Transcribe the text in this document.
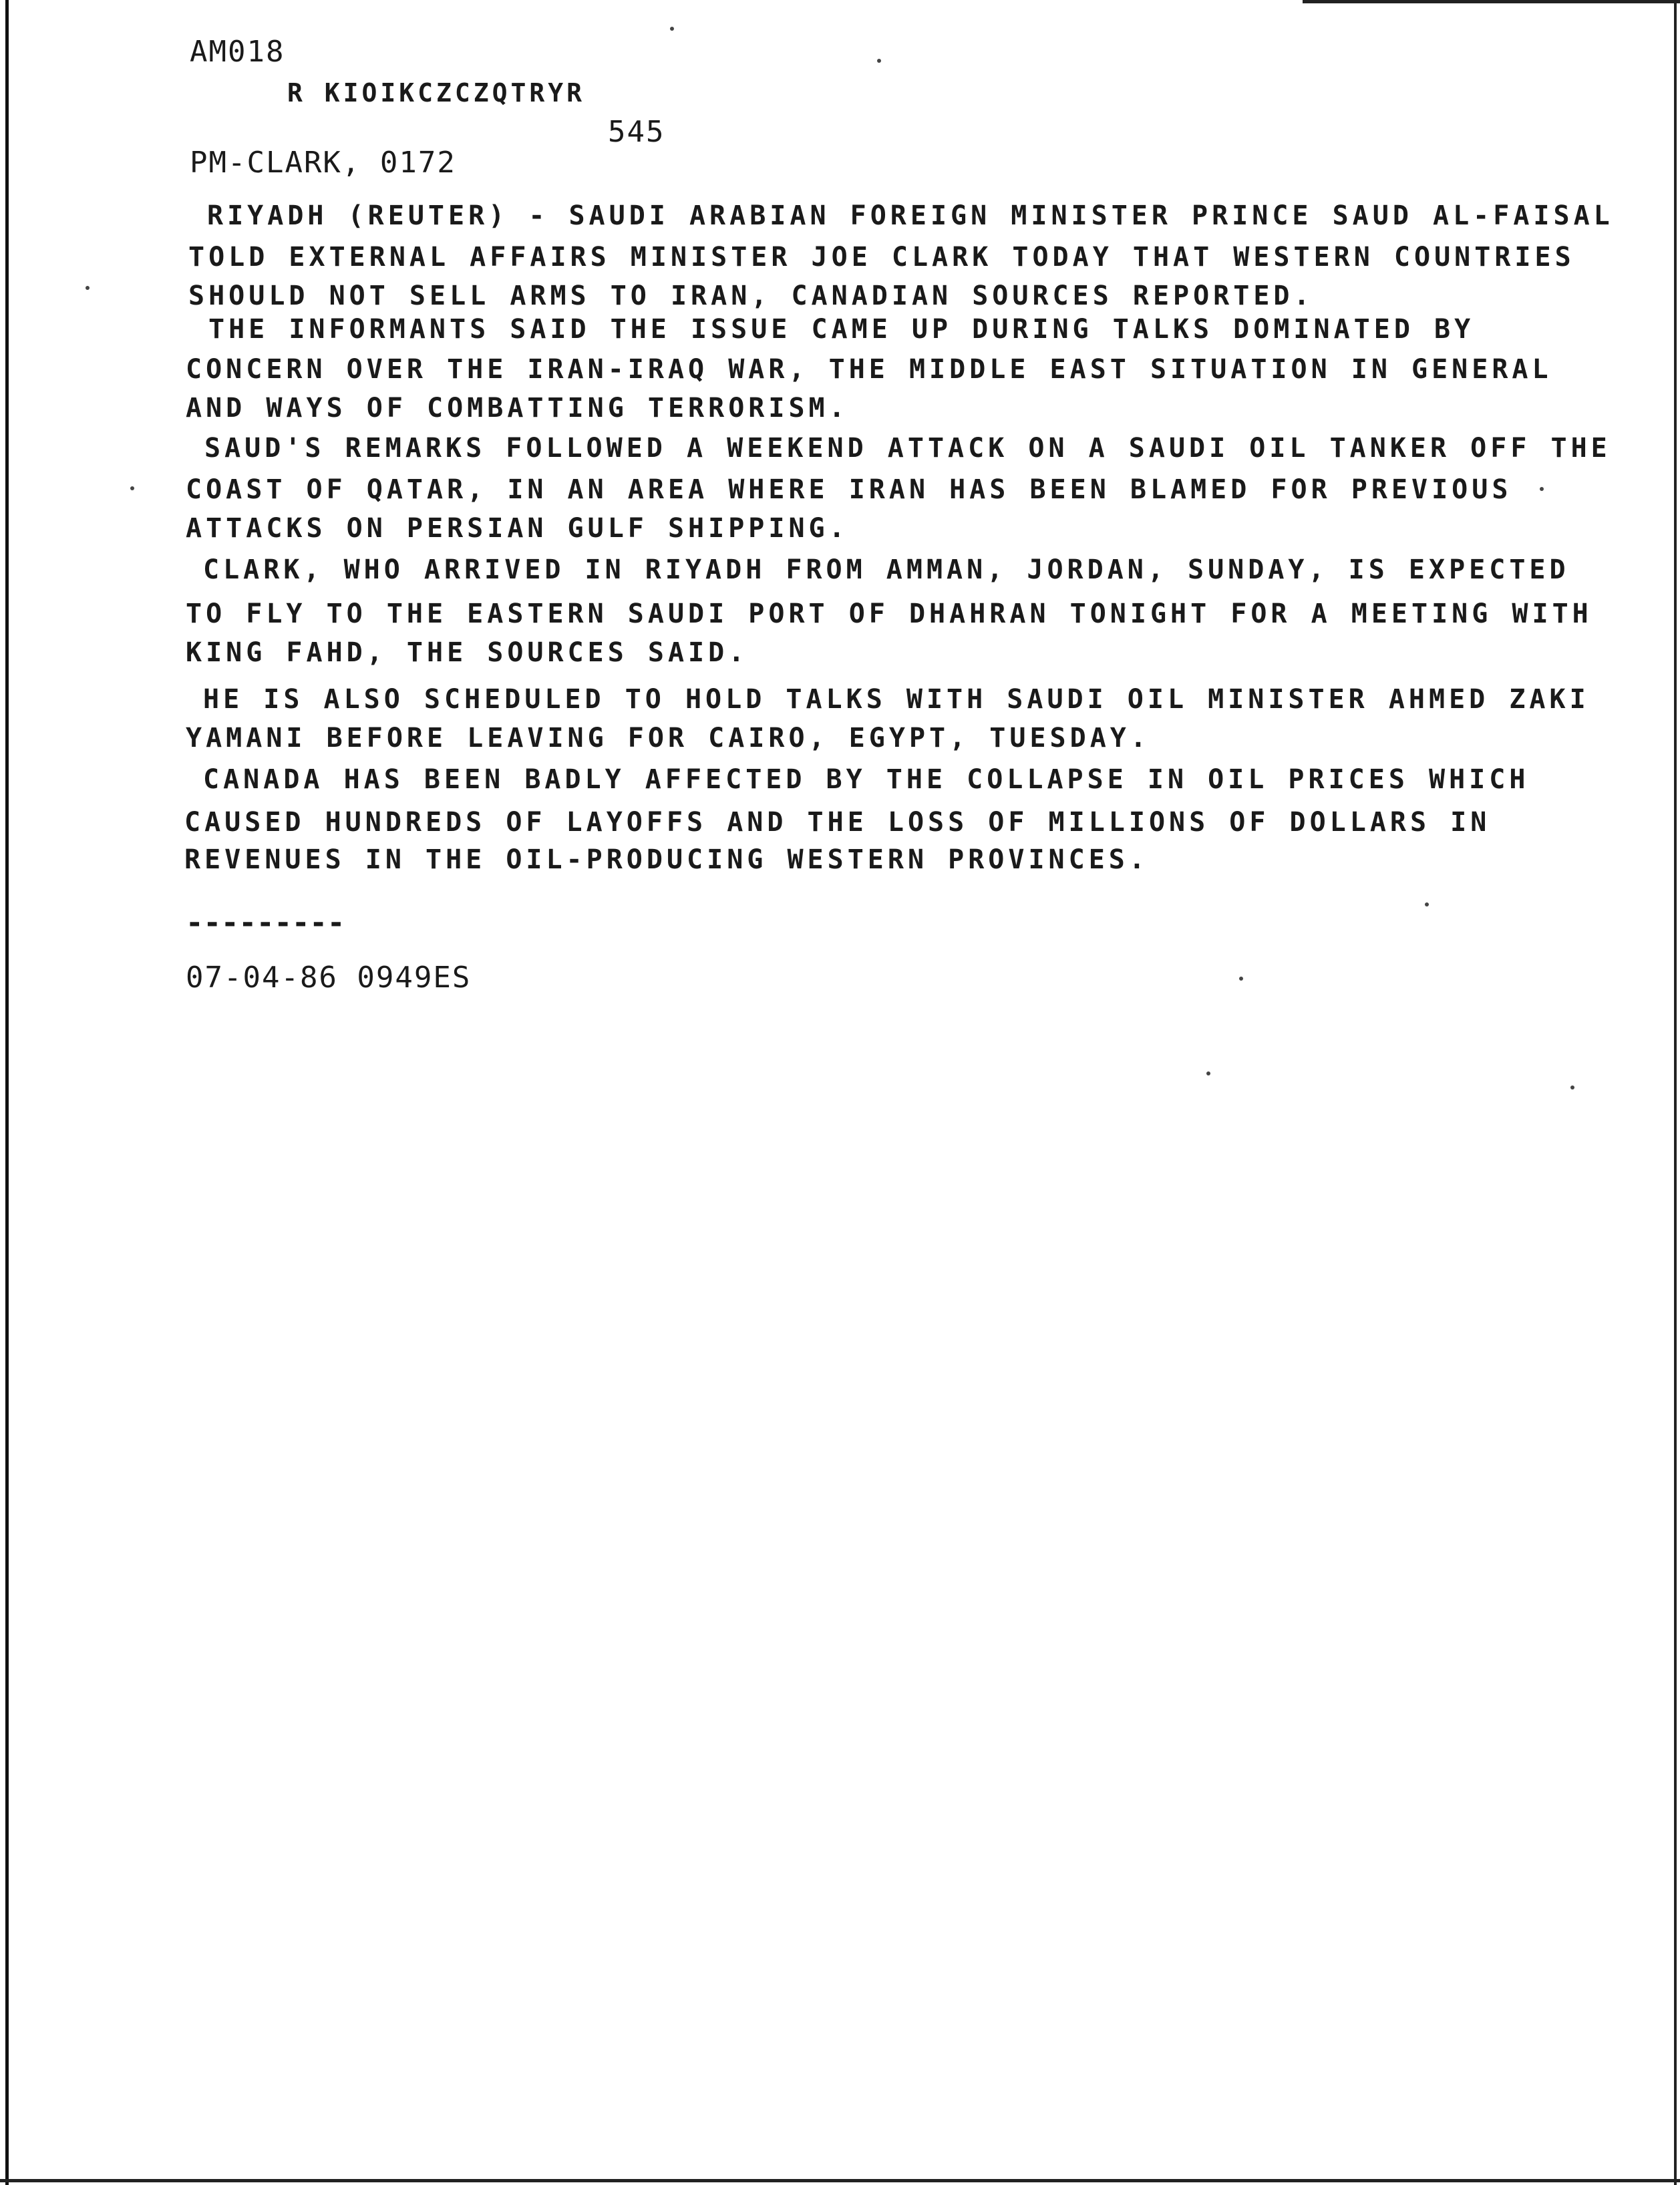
AM018
R KIOIKCZCZQTRYR
545
PM-CLARK, 0172
RIYADH (REUTER) - SAUDI ARABIAN FOREIGN MINISTER PRINCE SAUD AL-FAISAL
TOLD EXTERNAL AFFAIRS MINISTER JOE CLARK TODAY THAT WESTERN COUNTRIES
SHOULD NOT SELL ARMS TO IRAN, CANADIAN SOURCES REPORTED.
THE INFORMANTS SAID THE ISSUE CAME UP DURING TALKS DOMINATED BY
CONCERN OVER THE IRAN-IRAQ WAR, THE MIDDLE EAST SITUATION IN GENERAL
AND WAYS OF COMBATTING TERRORISM.
SAUD'S REMARKS FOLLOWED A WEEKEND ATTACK ON A SAUDI OIL TANKER OFF THE
COAST OF QATAR, IN AN AREA WHERE IRAN HAS BEEN BLAMED FOR PREVIOUS
ATTACKS ON PERSIAN GULF SHIPPING.
CLARK, WHO ARRIVED IN RIYADH FROM AMMAN, JORDAN, SUNDAY, IS EXPECTED
TO FLY TO THE EASTERN SAUDI PORT OF DHAHRAN TONIGHT FOR A MEETING WITH
KING FAHD, THE SOURCES SAID.
HE IS ALSO SCHEDULED TO HOLD TALKS WITH SAUDI OIL MINISTER AHMED ZAKI
YAMANI BEFORE LEAVING FOR CAIRO, EGYPT, TUESDAY.
CANADA HAS BEEN BADLY AFFECTED BY THE COLLAPSE IN OIL PRICES WHICH
CAUSED HUNDREDS OF LAYOFFS AND THE LOSS OF MILLIONS OF DOLLARS IN
REVENUES IN THE OIL-PRODUCING WESTERN PROVINCES.
---------
07-04-86 0949ES
